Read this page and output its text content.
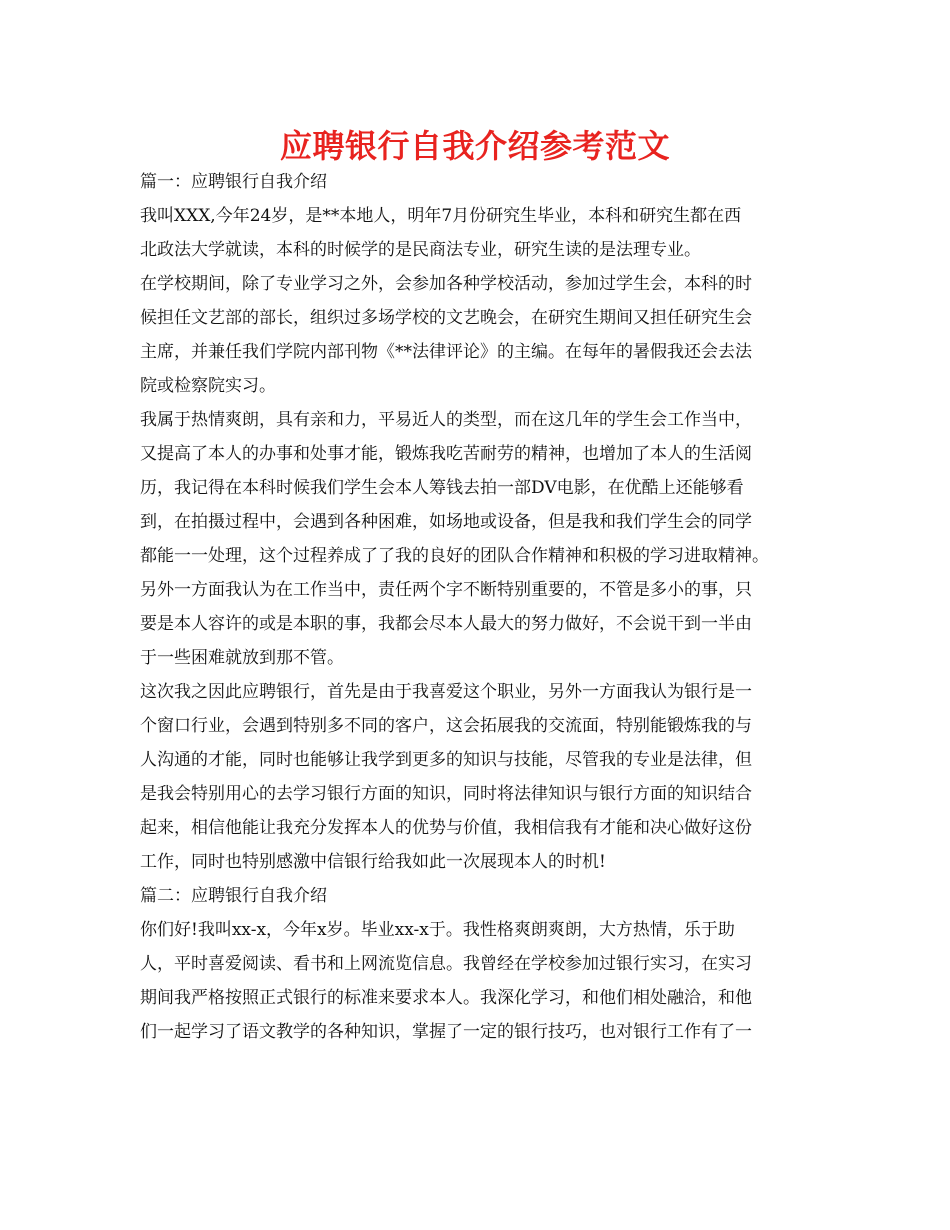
应聘银行自我介绍参考范文
篇一：应聘银行自我介绍
我叫XXX,今年24岁，是**本地人，明年7月份研究生毕业，本科和研究生都在西
北政法大学就读，本科的时候学的是民商法专业，研究生读的是法理专业。
在学校期间，除了专业学习之外，会参加各种学校活动，参加过学生会，本科的时
候担任文艺部的部长，组织过多场学校的文艺晚会，在研究生期间又担任研究生会
主席，并兼任我们学院内部刊物《**法律评论》的主编。在每年的暑假我还会去法
院或检察院实习。
我属于热情爽朗，具有亲和力，平易近人的类型，而在这几年的学生会工作当中，
又提高了本人的办事和处事才能，锻炼我吃苦耐劳的精神，也增加了本人的生活阅
历，我记得在本科时候我们学生会本人筹钱去拍一部DV电影，在优酷上还能够看
到，在拍摄过程中，会遇到各种困难，如场地或设备，但是我和我们学生会的同学
都能一一处理，这个过程养成了了我的良好的团队合作精神和积极的学习进取精神。
另外一方面我认为在工作当中，责任两个字不断特别重要的，不管是多小的事，只
要是本人容许的或是本职的事，我都会尽本人最大的努力做好，不会说干到一半由
于一些困难就放到那不管。
这次我之因此应聘银行，首先是由于我喜爱这个职业，另外一方面我认为银行是一
个窗口行业，会遇到特别多不同的客户，这会拓展我的交流面，特别能锻炼我的与
人沟通的才能，同时也能够让我学到更多的知识与技能，尽管我的专业是法律，但
是我会特别用心的去学习银行方面的知识，同时将法律知识与银行方面的知识结合
起来，相信他能让我充分发挥本人的优势与价值，我相信我有才能和决心做好这份
工作，同时也特别感激中信银行给我如此一次展现本人的时机!
篇二：应聘银行自我介绍
你们好!我叫xx-x，今年x岁。毕业xx-x于。我性格爽朗爽朗，大方热情，乐于助
人，平时喜爱阅读、看书和上网流览信息。我曾经在学校参加过银行实习，在实习
期间我严格按照正式银行的标准来要求本人。我深化学习，和他们相处融洽，和他
们一起学习了语文教学的各种知识，掌握了一定的银行技巧，也对银行工作有了一
